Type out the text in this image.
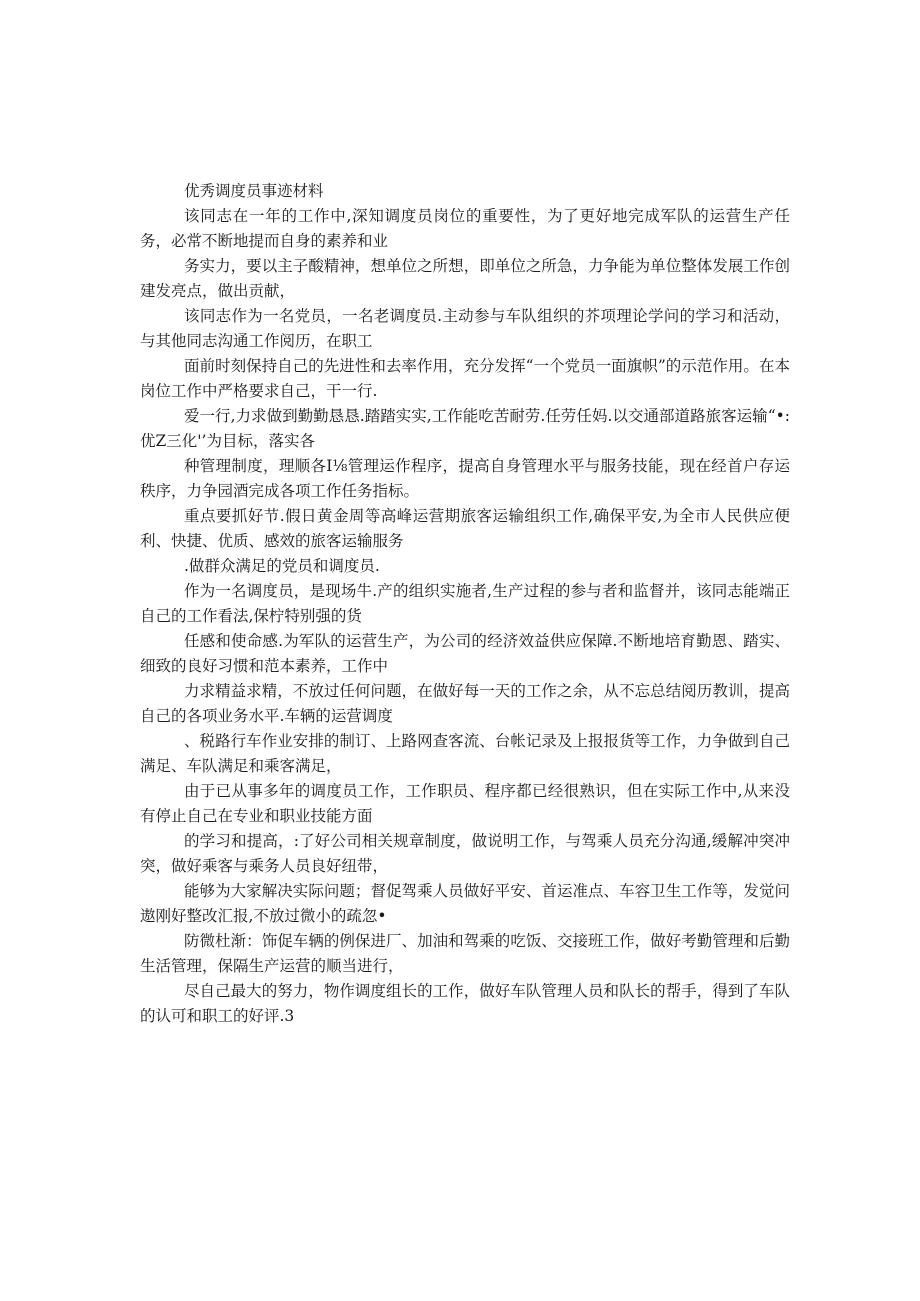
优秀调度员事迹材料

该同志在一年的工作中,深知调度员岗位的重要性，为了更好地完成军队的运营生产任务，必常不断地提而自身的素养和业

务实力，要以主子酸精神，想单位之所想，即单位之所急，力争能为单位整体发展工作创建发亮点，做出贡献，

该同志作为一名党员，一名老调度员.主动参与车队组织的芥项理论学问的学习和活动，与其他同志沟通工作阅历，在职工

面前时刻保持自己的先进性和去率作用，充分发挥“一个党员一面旗帜”的示范作用。在本岗位工作中严格要求自己，干一行.

爱一行,力求做到勤勤恳恳.踏踏实实,工作能吃苦耐劳.任劳任妈.以交通部道路旅客运输“•:优Z三化'’为目标，落实各

种管理制度，理顺各I⅛管理运作程序，提高自身管理水平与服务技能，现在经首户存运秩序，力争园酒完成各项工作任务指标。

重点要抓好节.假日黄金周等高峰运营期旅客运输组织工作,确保平安,为全市人民供应便利、快捷、优质、感效的旅客运输服务

.做群众满足的党员和调度员.

作为一名调度员，是现场牛.产的组织实施者,生产过程的参与者和监督并，该同志能端正自己的工作看法,保柠特别强的货

任感和使命感.为军队的运营生产，为公司的经济效益供应保障.不断地培育勤恩、踏实、细致的良好习惯和范本素养，工作中

力求精益求精，不放过任何问题，在做好每一天的工作之余，从不忘总结阅历教训，提高自己的各项业务水平.车辆的运营调度

、税路行车作业安排的制订、上路网查客流、台帐记录及上报报货等工作，力争做到自己满足、车队满足和乘客满足，

由于已从事多年的调度员工作，工作职员、程序都已经很熟识，但在实际工作中,从来没有停止自己在专业和职业技能方面

的学习和提高，:了好公司相关规章制度，做说明工作，与驾乘人员充分沟通,缓解冲突冲突，做好乘客与乘务人员良好纽带，

能够为大家解决实际问题；督促驾乘人员做好平安、首运准点、车容卫生工作等，发觉问遨刚好整改汇报,不放过微小的疏忽•

防微杜渐：饰促车辆的例保进厂、加油和驾乘的吃饭、交接班工作，做好考勤管理和后勤生活管理，保隔生产运营的顺当进行，

尽自己最大的努力，物作调度组长的工作，做好车队管理人员和队长的帮手，得到了车队的认可和职工的好评.3
